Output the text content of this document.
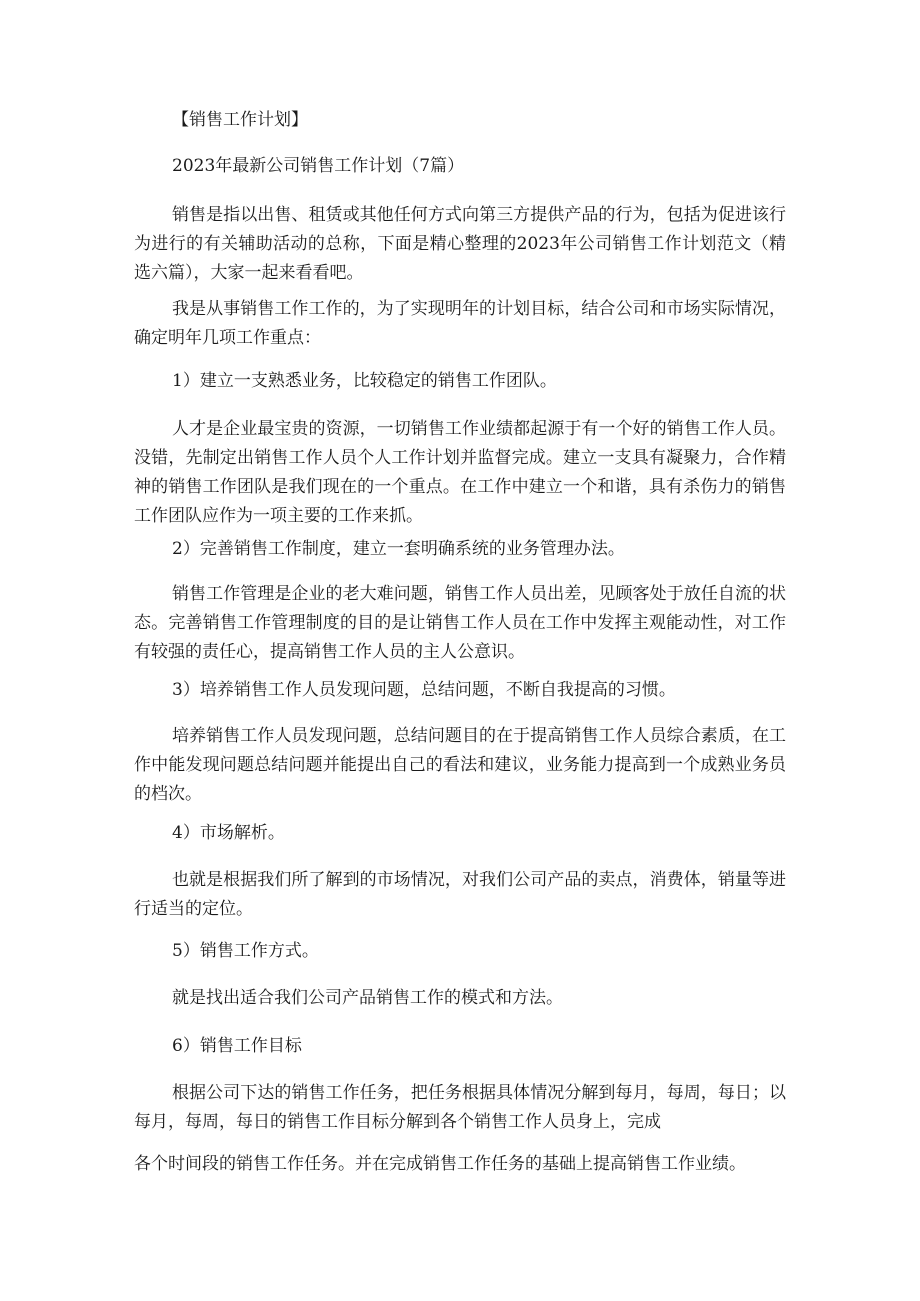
【销售工作计划】

2023年最新公司销售工作计划（7篇）

销售是指以出售、租赁或其他任何方式向第三方提供产品的行为，包括为促进该行为进行的有关辅助活动的总称，下面是精心整理的2023年公司销售工作计划范文（精选六篇），大家一起来看看吧。

我是从事销售工作工作的，为了实现明年的计划目标，结合公司和市场实际情况，确定明年几项工作重点：

1）建立一支熟悉业务，比较稳定的销售工作团队。

人才是企业最宝贵的资源，一切销售工作业绩都起源于有一个好的销售工作人员。没错，先制定出销售工作人员个人工作计划并监督完成。建立一支具有凝聚力，合作精神的销售工作团队是我们现在的一个重点。在工作中建立一个和谐，具有杀伤力的销售工作团队应作为一项主要的工作来抓。

2）完善销售工作制度，建立一套明确系统的业务管理办法。

销售工作管理是企业的老大难问题，销售工作人员出差，见顾客处于放任自流的状态。完善销售工作管理制度的目的是让销售工作人员在工作中发挥主观能动性，对工作有较强的责任心，提高销售工作人员的主人公意识。

3）培养销售工作人员发现问题，总结问题，不断自我提高的习惯。

培养销售工作人员发现问题，总结问题目的在于提高销售工作人员综合素质，在工作中能发现问题总结问题并能提出自己的看法和建议，业务能力提高到一个成熟业务员的档次。

4）市场解析。

也就是根据我们所了解到的市场情况，对我们公司产品的卖点，消费体，销量等进行适当的定位。

5）销售工作方式。

就是找出适合我们公司产品销售工作的模式和方法。

6）销售工作目标

根据公司下达的销售工作任务，把任务根据具体情况分解到每月，每周，每日；以每月，每周，每日的销售工作目标分解到各个销售工作人员身上，完成

各个时间段的销售工作任务。并在完成销售工作任务的基础上提高销售工作业绩。
